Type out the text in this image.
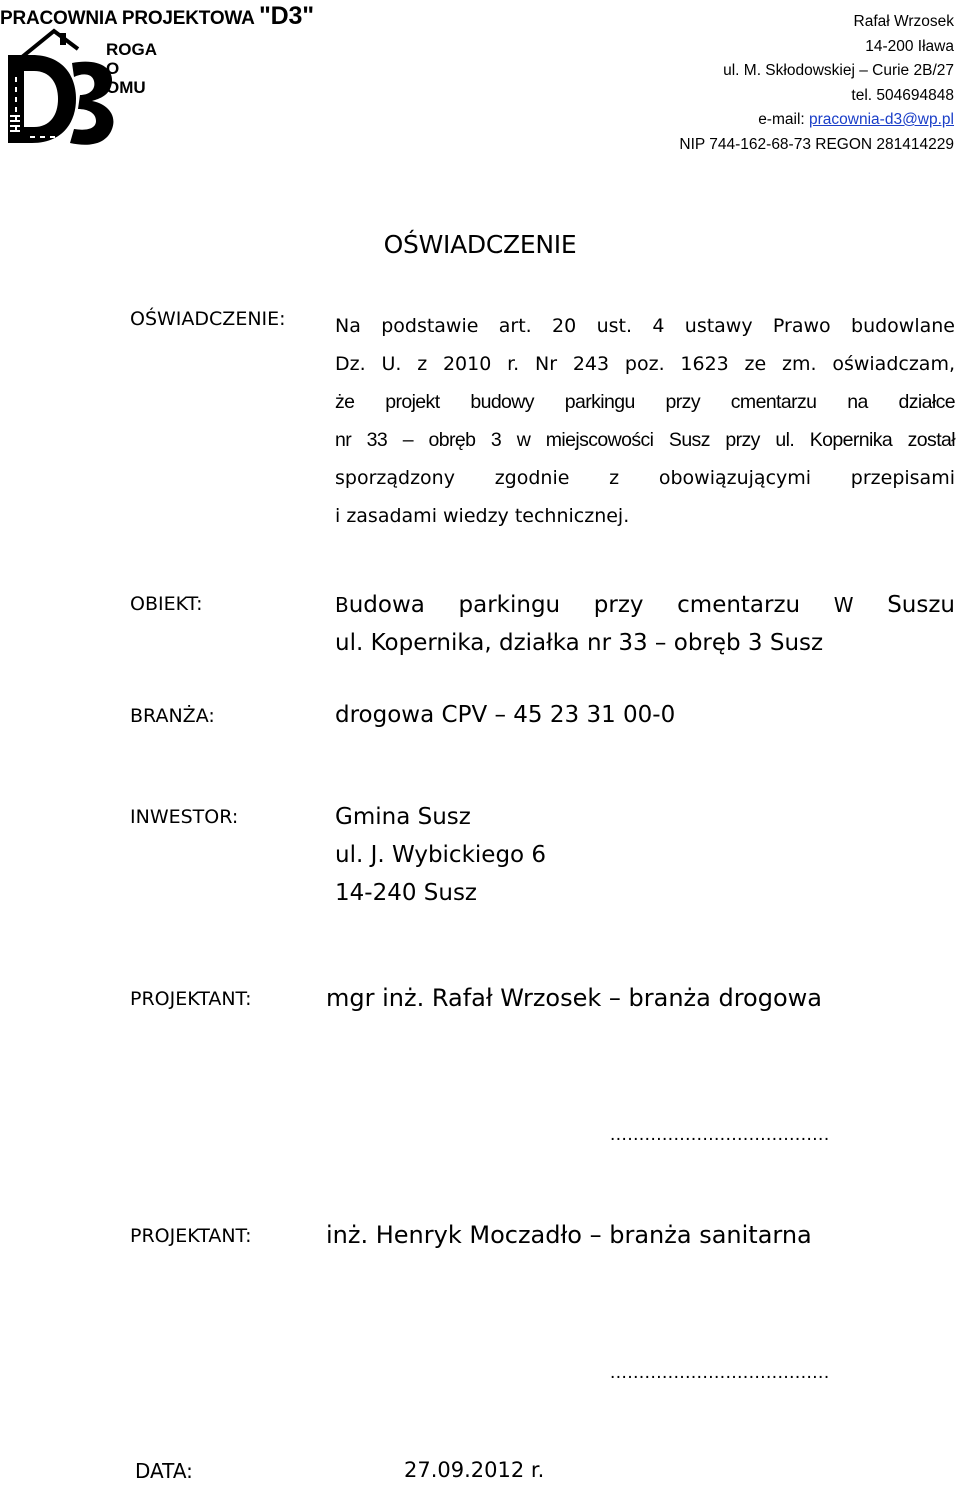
PRACOWNIA PROJEKTOWA "D3"
ROGA
O
OMU
Rafał Wrzosek
14-200 Iława
ul. M. Skłodowskiej – Curie 2B/27
tel. 504694848
e-mail: pracownia-d3@wp.pl
NIP 744-162-68-73 REGON 281414229
OŚWIADCZENIE
OŚWIADCZENIE:	Na podstawie art. 20 ust. 4 ustawy Prawo budowlane
Dz. U. z 2010 r. Nr 243 poz. 1623 ze zm. oświadczam,
że projekt budowy parkingu przy cmentarzu na działce
nr 33 – obręb 3 w miejscowości Susz przy ul. Kopernika został
sporządzony zgodnie z obowiązującymi przepisami
i zasadami wiedzy technicznej.
OBIEKT:	Budowa parkingu przy cmentarzu W Suszu
ul. Kopernika, działka nr 33 – obręb 3 Susz
BRANŻA:	drogowa CPV – 45 23 31 00-0
INWESTOR:	Gmina Susz
ul. J. Wybickiego 6
14-240 Susz
PROJEKTANT:	mgr inż. Rafał Wrzosek – branża drogowa
......................................
PROJEKTANT:	inż. Henryk Moczadło – branża sanitarna
......................................
DATA:	27.09.2012 r.
